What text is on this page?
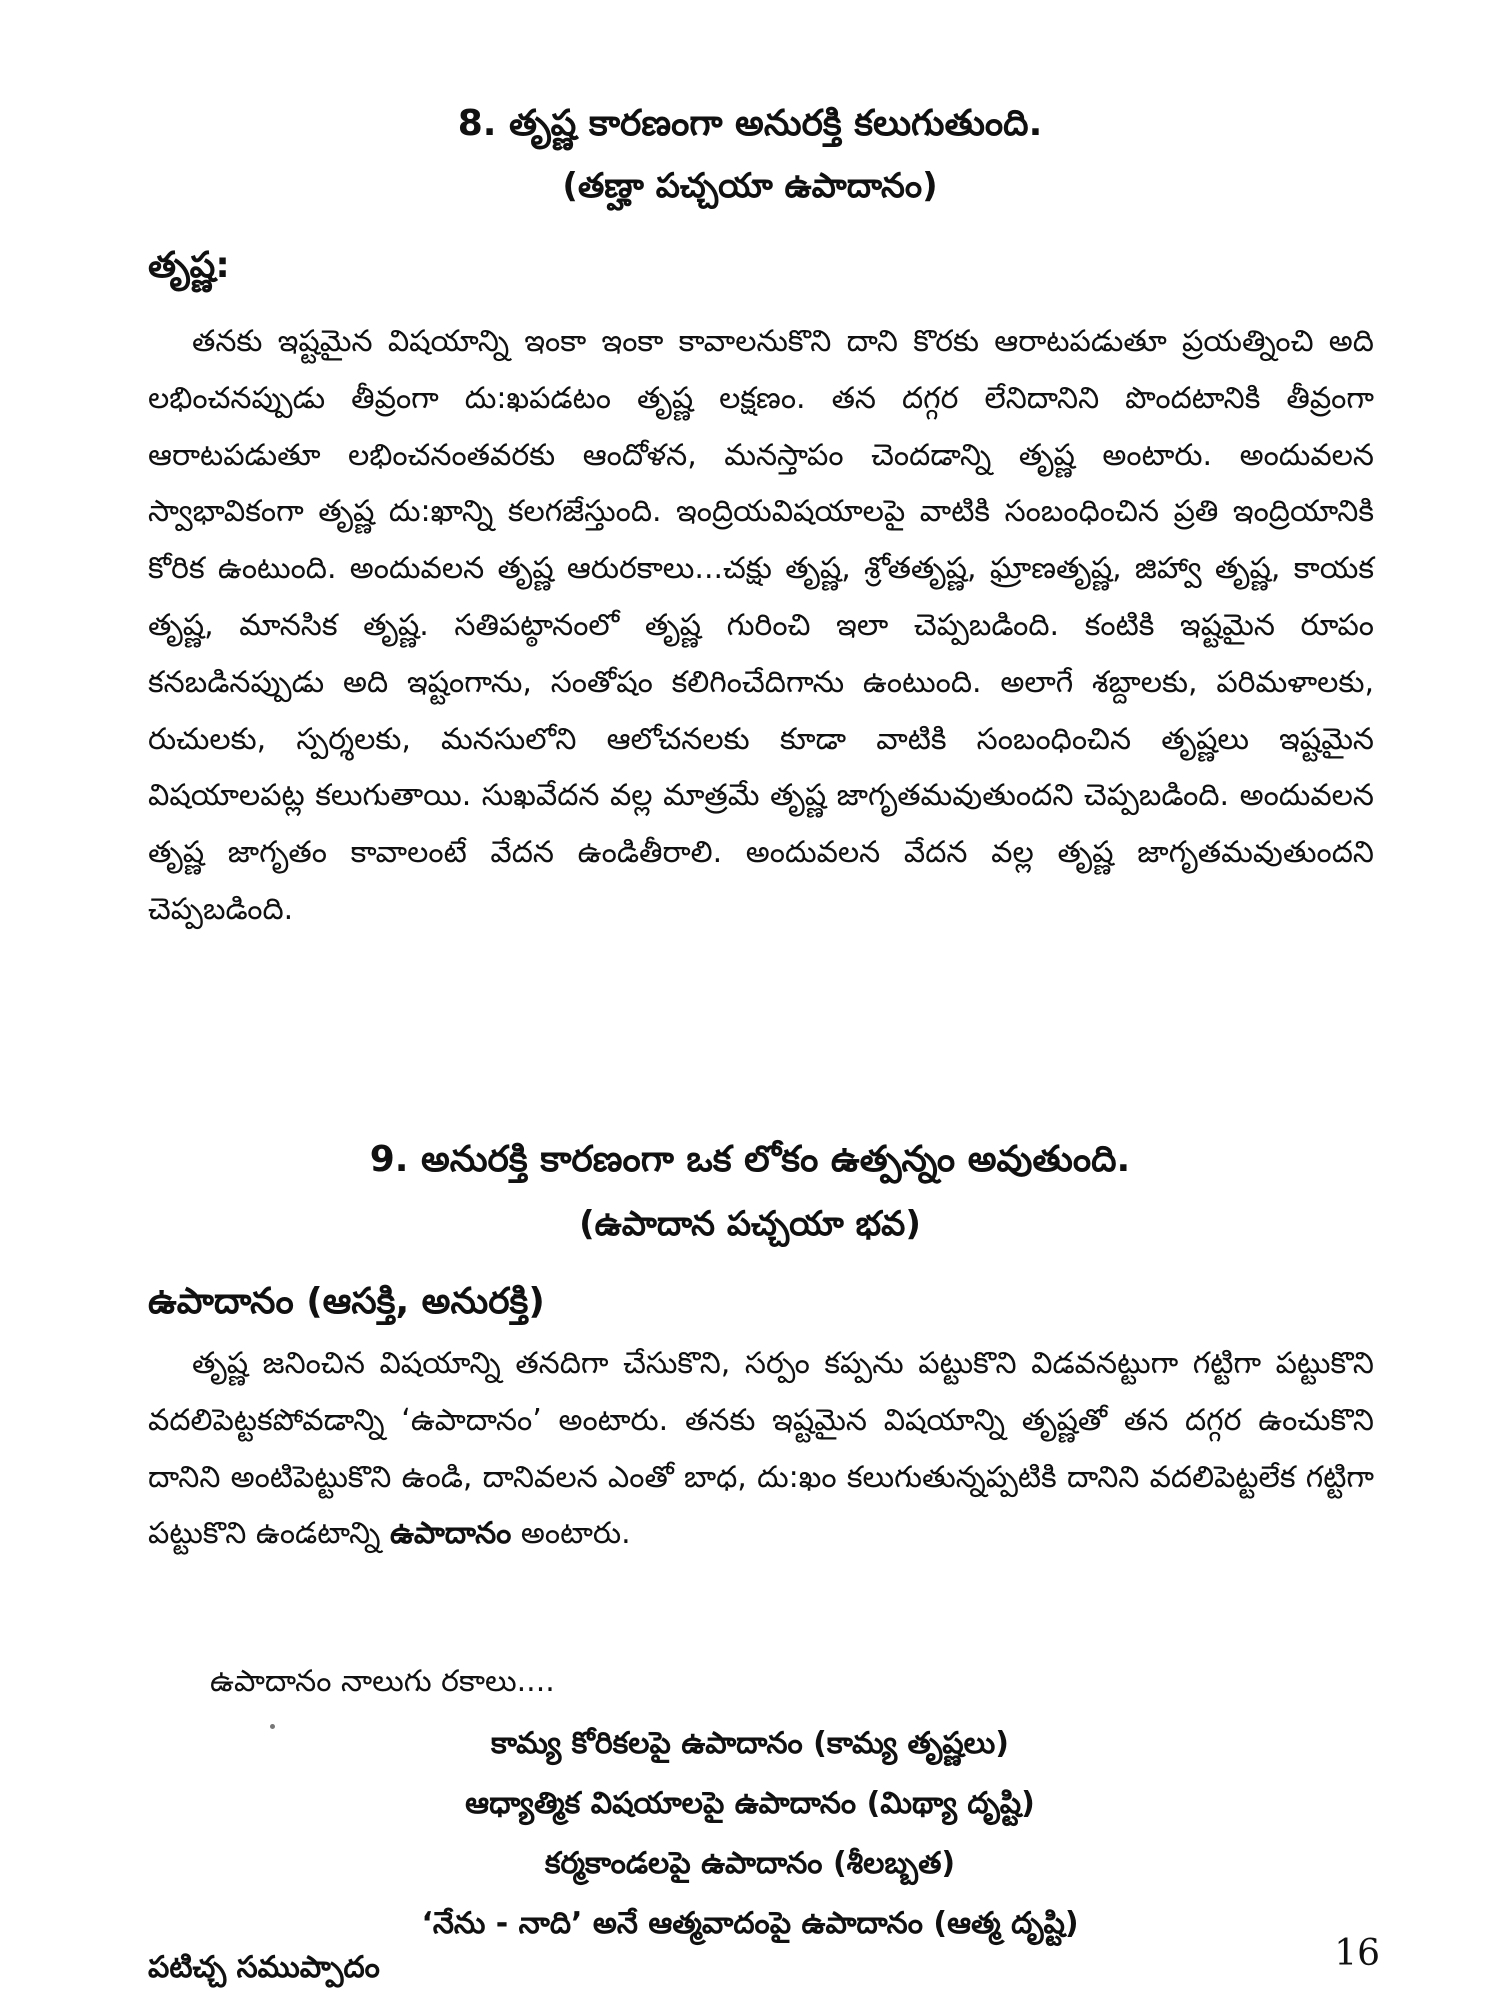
8. తృష్ణ కారణంగా అనురక్తి కలుగుతుంది.
(తణ్హా పచ్చయా ఉపాదానం)
తృష్ణ:

తనకు ఇష్టమైన విషయాన్ని ఇంకా ఇంకా కావాలనుకొని దాని కొరకు ఆరాటపడుతూ ప్రయత్నించి అది లభించనప్పుడు తీవ్రంగా దు:ఖపడటం తృష్ణ లక్షణం. తన దగ్గర లేనిదానిని పొందటానికి తీవ్రంగా ఆరాటపడుతూ లభించనంతవరకు ఆందోళన, మనస్తాపం చెందడాన్ని తృష్ణ అంటారు. అందువలన స్వాభావికంగా తృష్ణ దు:ఖాన్ని కలగజేస్తుంది. ఇంద్రియవిషయాలపై వాటికి సంబంధించిన ప్రతి ఇంద్రియానికి కోరిక ఉంటుంది. అందువలన తృష్ణ ఆరురకాలు...చక్షు తృష్ణ, శ్రోతతృష్ణ, ఘ్రాణతృష్ణ, జిహ్వా తృష్ణ, కాయక తృష్ణ, మానసిక తృష్ణ. సతిపట్ఠానంలో తృష్ణ గురించి ఇలా చెప్పబడింది. కంటికి ఇష్టమైన రూపం కనబడినప్పుడు అది ఇష్టంగాను, సంతోషం కలిగించేదిగాను ఉంటుంది. అలాగే శబ్దాలకు, పరిమళాలకు, రుచులకు, స్పర్శలకు, మనసులోని ఆలోచనలకు కూడా వాటికి సంబంధించిన తృష్ణలు ఇష్టమైన విషయాలపట్ల కలుగుతాయి. సుఖవేదన వల్ల మాత్రమే తృష్ణ జాగృతమవుతుందని చెప్పబడింది. అందువలన తృష్ణ జాగృతం కావాలంటే వేదన ఉండితీరాలి. అందువలన వేదన వల్ల తృష్ణ జాగృతమవుతుందని చెప్పబడింది.

9. అనురక్తి కారణంగా ఒక లోకం ఉత్పన్నం అవుతుంది.
(ఉపాదాన పచ్చయా భవ)
ఉపాదానం (ఆసక్తి, అనురక్తి)

తృష్ణ జనించిన విషయాన్ని తనదిగా చేసుకొని, సర్పం కప్పను పట్టుకొని విడవనట్టుగా గట్టిగా పట్టుకొని వదలిపెట్టకపోవడాన్ని ‘ఉపాదానం’ అంటారు. తనకు ఇష్టమైన విషయాన్ని తృష్ణతో తన దగ్గర ఉంచుకొని దానిని అంటిపెట్టుకొని ఉండి, దానివలన ఎంతో బాధ, దు:ఖం కలుగుతున్నప్పటికి దానిని వదలిపెట్టలేక గట్టిగా పట్టుకొని ఉండటాన్ని ఉపాదానం అంటారు.

ఉపాదానం నాలుగు రకాలు....
కామ్య కోరికలపై ఉపాదానం (కామ్య తృష్ణలు)
ఆధ్యాత్మిక విషయాలపై ఉపాదానం (మిథ్యా దృష్టి)
కర్మకాండలపై ఉపాదానం (శీలబ్బత)
‘నేను - నాది’ అనే ఆత్మవాదంపై ఉపాదానం (ఆత్మ దృష్టి)
పటిచ్చ సముప్పాదం	16
